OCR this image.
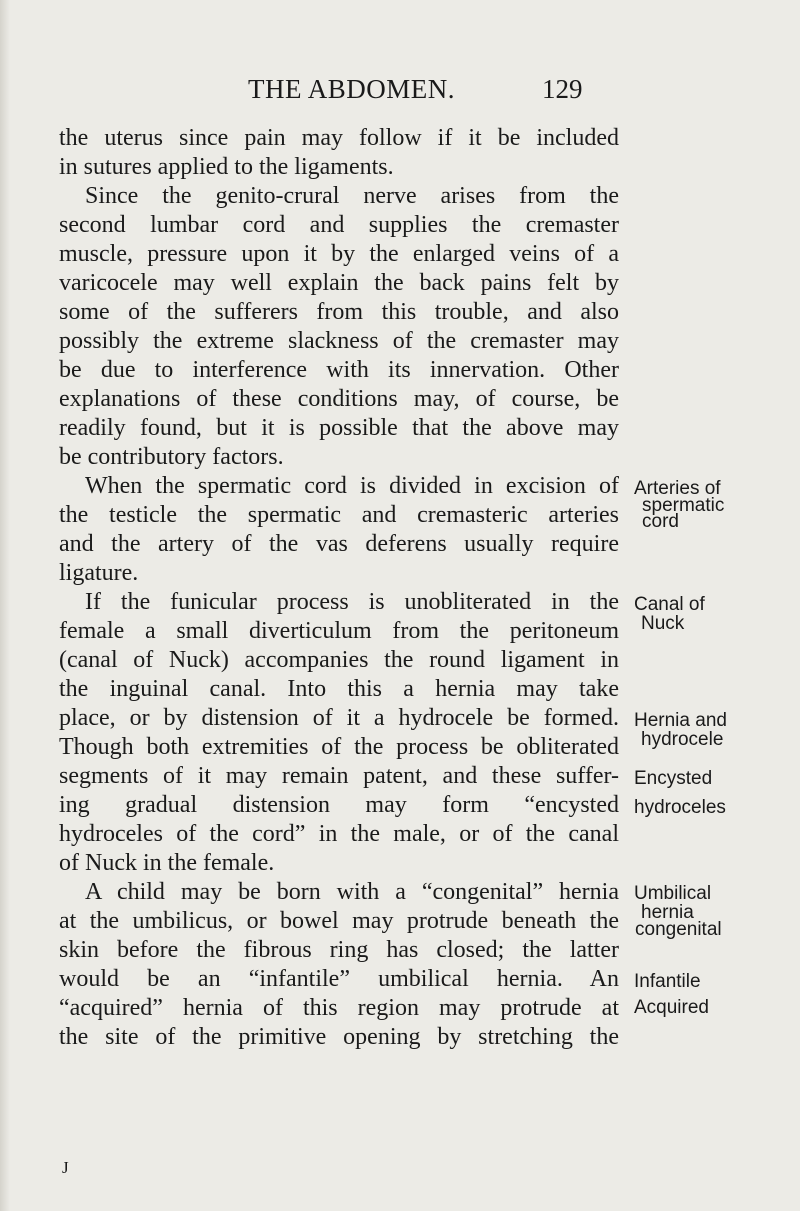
THE ABDOMEN.	129
the uterus since pain may follow if it be included
in sutures applied to the ligaments.
Since the genito-crural nerve arises from the
second lumbar cord and supplies the cremaster
muscle, pressure upon it by the enlarged veins of a
varicocele may well explain the back pains felt by
some of the sufferers from this trouble, and also
possibly the extreme slackness of the cremaster may
be due to interference with its innervation. Other
explanations of these conditions may, of course, be
readily found, but it is possible that the above may
be contributory factors.
When the spermatic cord is divided in excision of
the testicle the spermatic and cremasteric arteries
and the artery of the vas deferens usually require
ligature.
If the funicular process is unobliterated in the
female a small diverticulum from the peritoneum
(canal of Nuck) accompanies the round ligament in
the inguinal canal. Into this a hernia may take
place, or by distension of it a hydrocele be formed.
Though both extremities of the process be obliterated
segments of it may remain patent, and these suffer-
ing gradual distension may form “encysted
hydroceles of the cord” in the male, or of the canal
of Nuck in the female.
A child may be born with a “congenital” hernia
at the umbilicus, or bowel may protrude beneath the
skin before the fibrous ring has closed; the latter
would be an “infantile” umbilical hernia. An
“acquired” hernia of this region may protrude at
the site of the primitive opening by stretching the
Arteries of
spermatic
cord
Canal of
Nuck
Hernia and
hydrocele
Encysted
hydroceles
Umbilical
hernia
congenital
Infantile
Acquired
J
